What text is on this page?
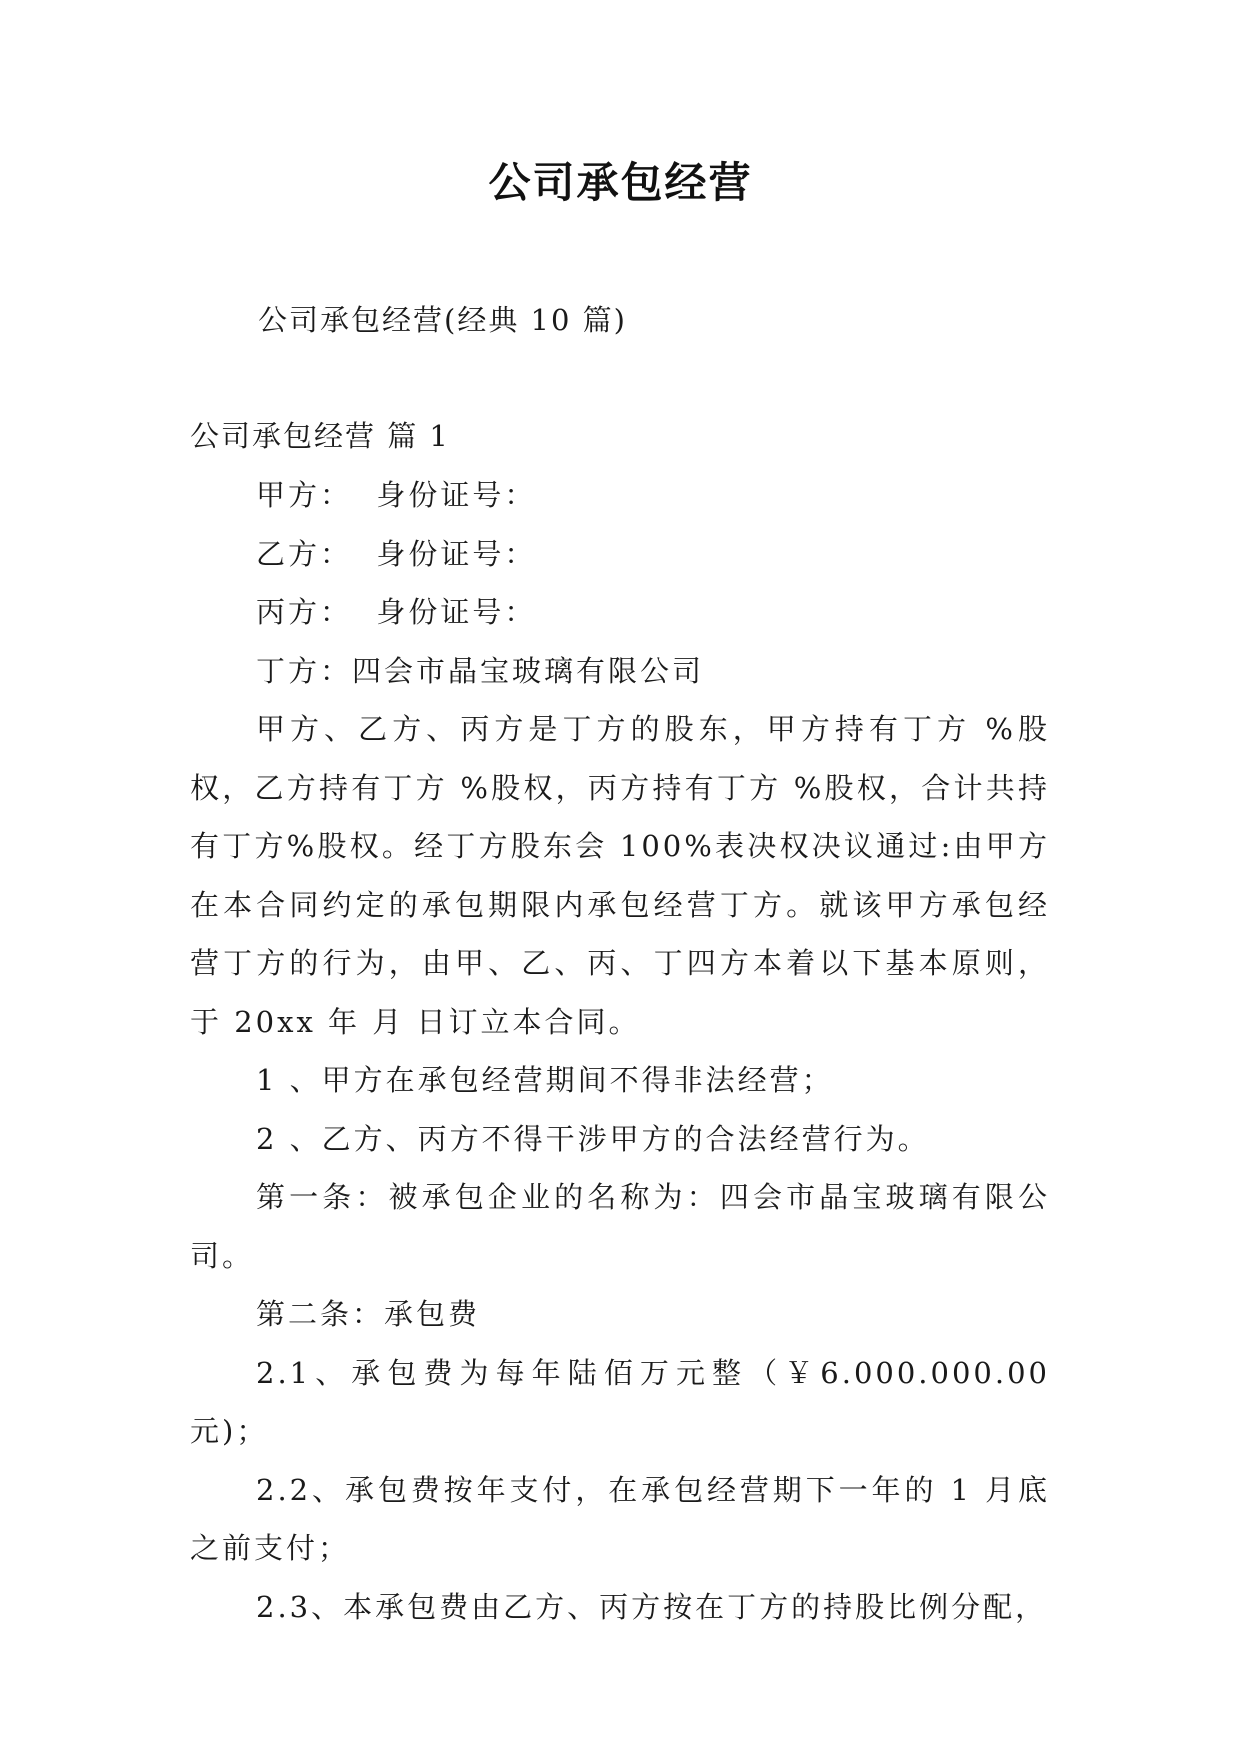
公司承包经营
公司承包经营(经典 10 篇)
公司承包经营 篇 1

甲方：  身份证号：

乙方：  身份证号：

丙方：  身份证号：

丁方：四会市晶宝玻璃有限公司

甲方、乙方、丙方是丁方的股东，甲方持有丁方 %股权，乙方持有丁方 %股权，丙方持有丁方 %股权，合计共持有丁方%股权。经丁方股东会 100%表决权决议通过:由甲方在本合同约定的承包期限内承包经营丁方。就该甲方承包经营丁方的行为，由甲、乙、丙、丁四方本着以下基本原则，于 20xx 年 月 日订立本合同。

1 、甲方在承包经营期间不得非法经营；

2 、乙方、丙方不得干涉甲方的合法经营行为。

第一条：被承包企业的名称为：四会市晶宝玻璃有限公司。

第二条：承包费

2.1、承包费为每年陆佰万元整（￥6.000.000.00 元)；

2.2、承包费按年支付，在承包经营期下一年的 1 月底之前支付；

2.3、本承包费由乙方、丙方按在丁方的持股比例分配，
